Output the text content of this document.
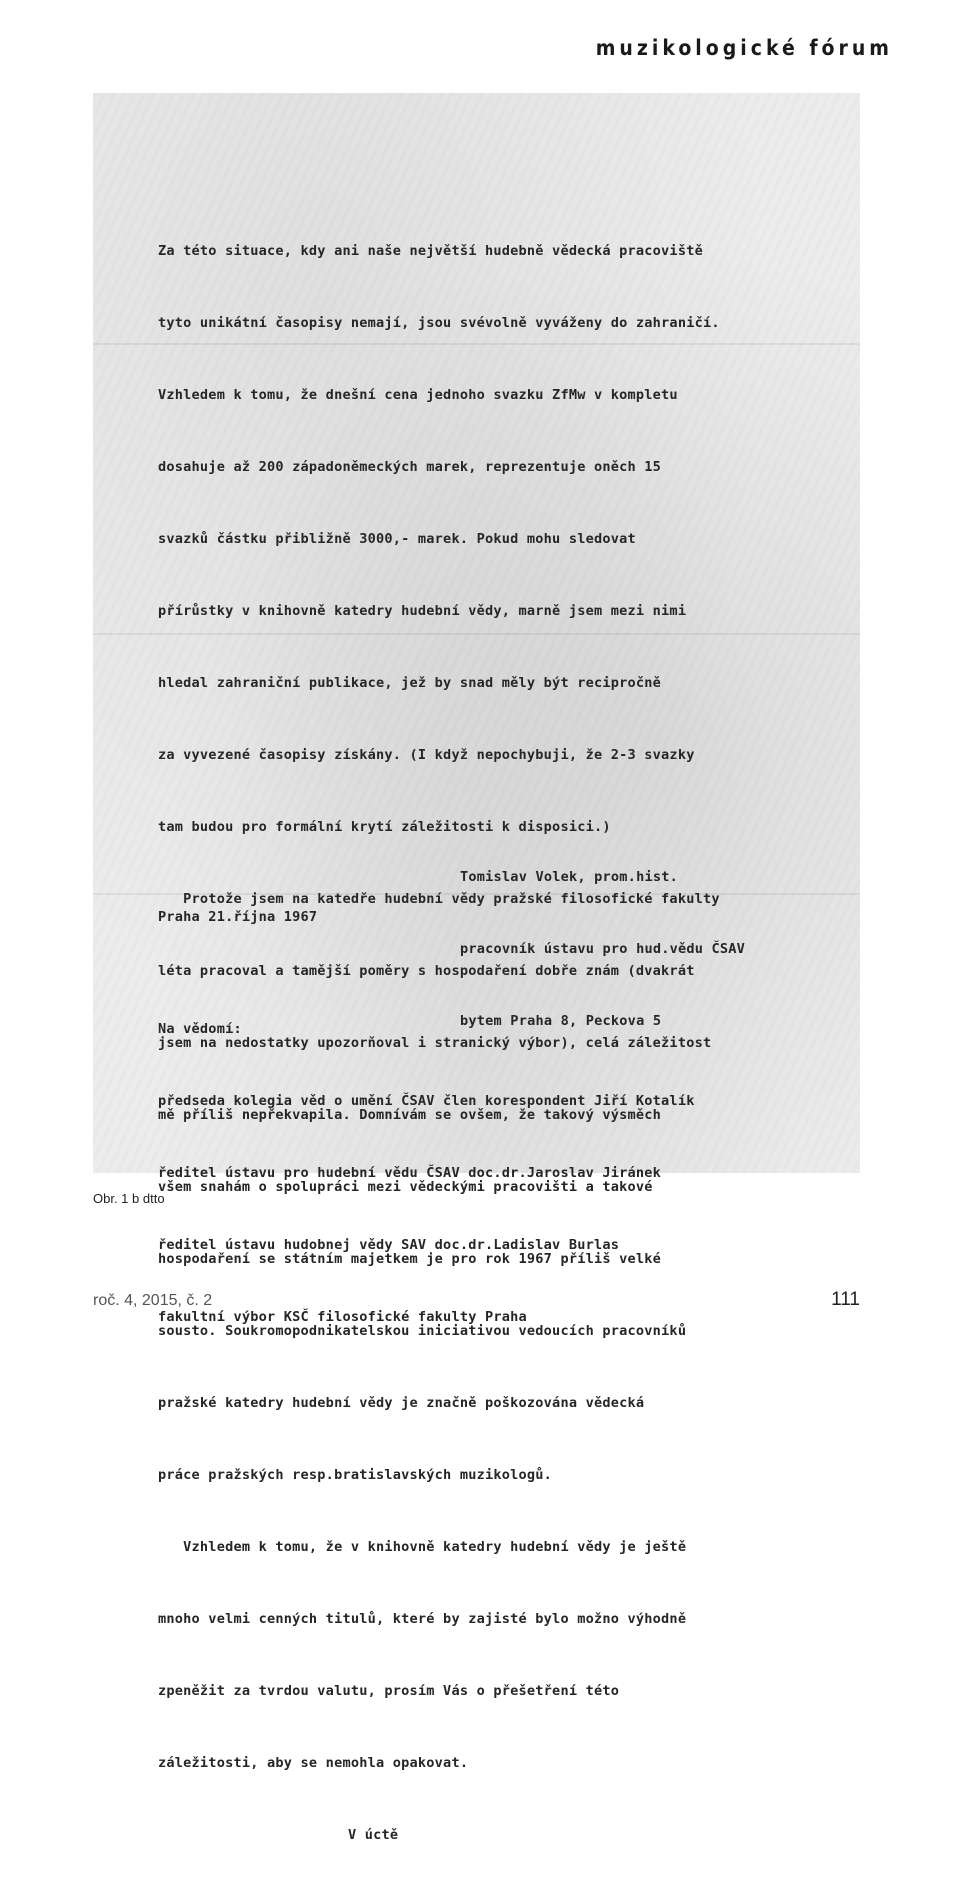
muzikologické fórum

Za této situace, kdy ani naše největší hudebně vědecká pracoviště

tyto unikátní časopisy nemají, jsou svévolně vyváženy do zahraničí.

Vzhledem k tomu, že dnešní cena jednoho svazku ZfMw v kompletu

dosahuje až 200 západoněmeckých marek, reprezentuje oněch 15

svazků částku přibližně 3000,- marek. Pokud mohu sledovat

přírůstky v knihovně katedry hudební vědy, marně jsem mezi nimi

hledal zahraniční publikace, jež by snad měly být recipročně

za vyvezené časopisy získány. (I když nepochybuji, že 2-3 svazky

tam budou pro formální krytí záležitosti k disposici.)

Protože jsem na katedře hudební vědy pražské filosofické fakulty

léta pracoval a tamější poměry s hospodaření dobře znám (dvakrát

jsem na nedostatky upozorňoval i stranický výbor), celá záležitost

mě příliš nepřekvapila. Domnívám se ovšem, že takový výsměch

všem snahám o spolupráci mezi vědeckými pracovišti a takové

hospodaření se státním majetkem je pro rok 1967 příliš velké

sousto. Soukromopodnikatelskou iniciativou vedoucích pracovníků

pražské katedry hudební vědy je značně poškozována vědecká

práce pražských resp.bratislavských muzikologů.

Vzhledem k tomu, že v knihovně katedry hudební vědy je ještě

mnoho velmi cenných titulů, které by zajisté bylo možno výhodně

zpeněžit za tvrdou valutu, prosím Vás o přešetření této

záležitosti, aby se nemohla opakovat.

V úctě

Tomislav Volek, prom.hist.

pracovník ústavu pro hud.vědu ČSAV

bytem Praha 8, Peckova 5

Praha 21.října 1967

Na vědomí:

předseda kolegia věd o umění ČSAV člen korespondent Jiří Kotalík

ředitel ústavu pro hudební vědu ČSAV doc.dr.Jaroslav Jiránek

ředitel ústavu hudobnej vědy SAV doc.dr.Ladislav Burlas

fakultní výbor KSČ filosofické fakulty Praha

Obr. 1 b dtto
roč. 4, 2015, č. 2	111
